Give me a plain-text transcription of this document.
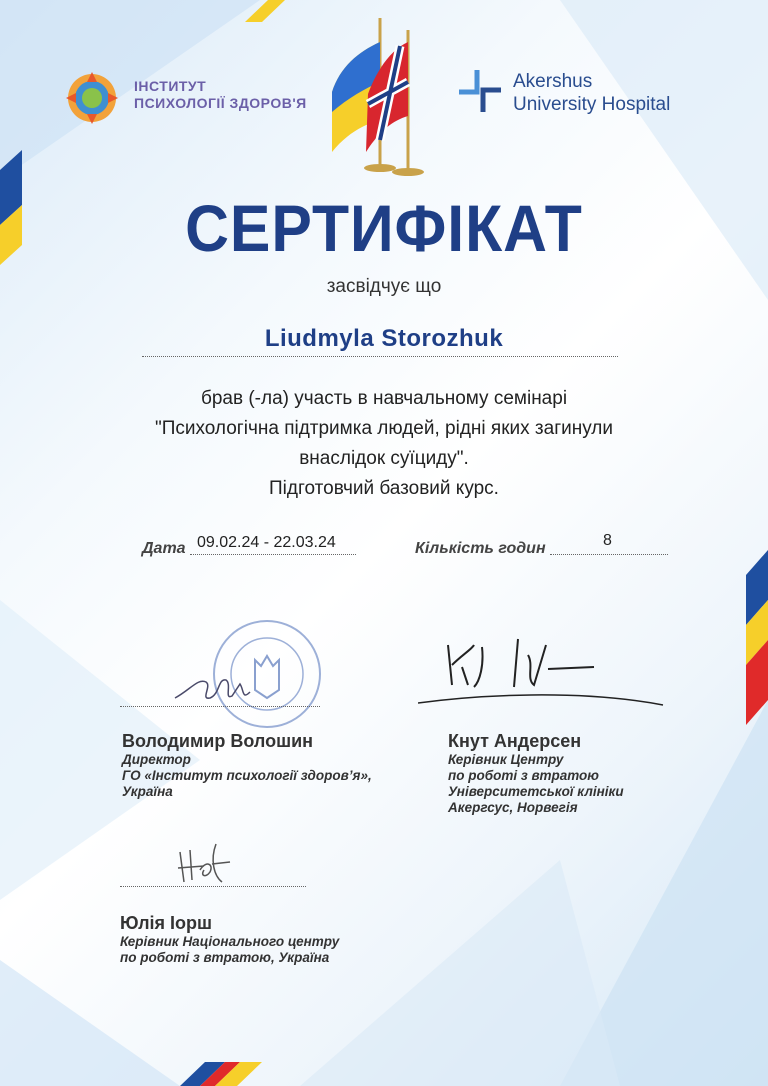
ІНСТИТУТ
ПСИХОЛОГІЇ ЗДОРОВ'Я
Akershus
University Hospital
СЕРТИФІКАТ
засвідчує що
Liudmyla Storozhuk
брав (-ла) участь в навчальному семінарі
"Психологічна підтримка людей, рідні яких загинули
внаслідок суїциду".
Підготовчий базовий курс.
Дата 09.02.24 - 22.03.24	Кількість годин	8
Володимир Волошин
Директор
ГО «Інститут психології здоров’я»,
Україна
Кнут Андерсен
Керівник Центру
по роботі з втратою
Університетської клініки
Акергсус, Норвегія
Юлія Іорш
Керівник Національного центру
по роботі з втратою, Україна
